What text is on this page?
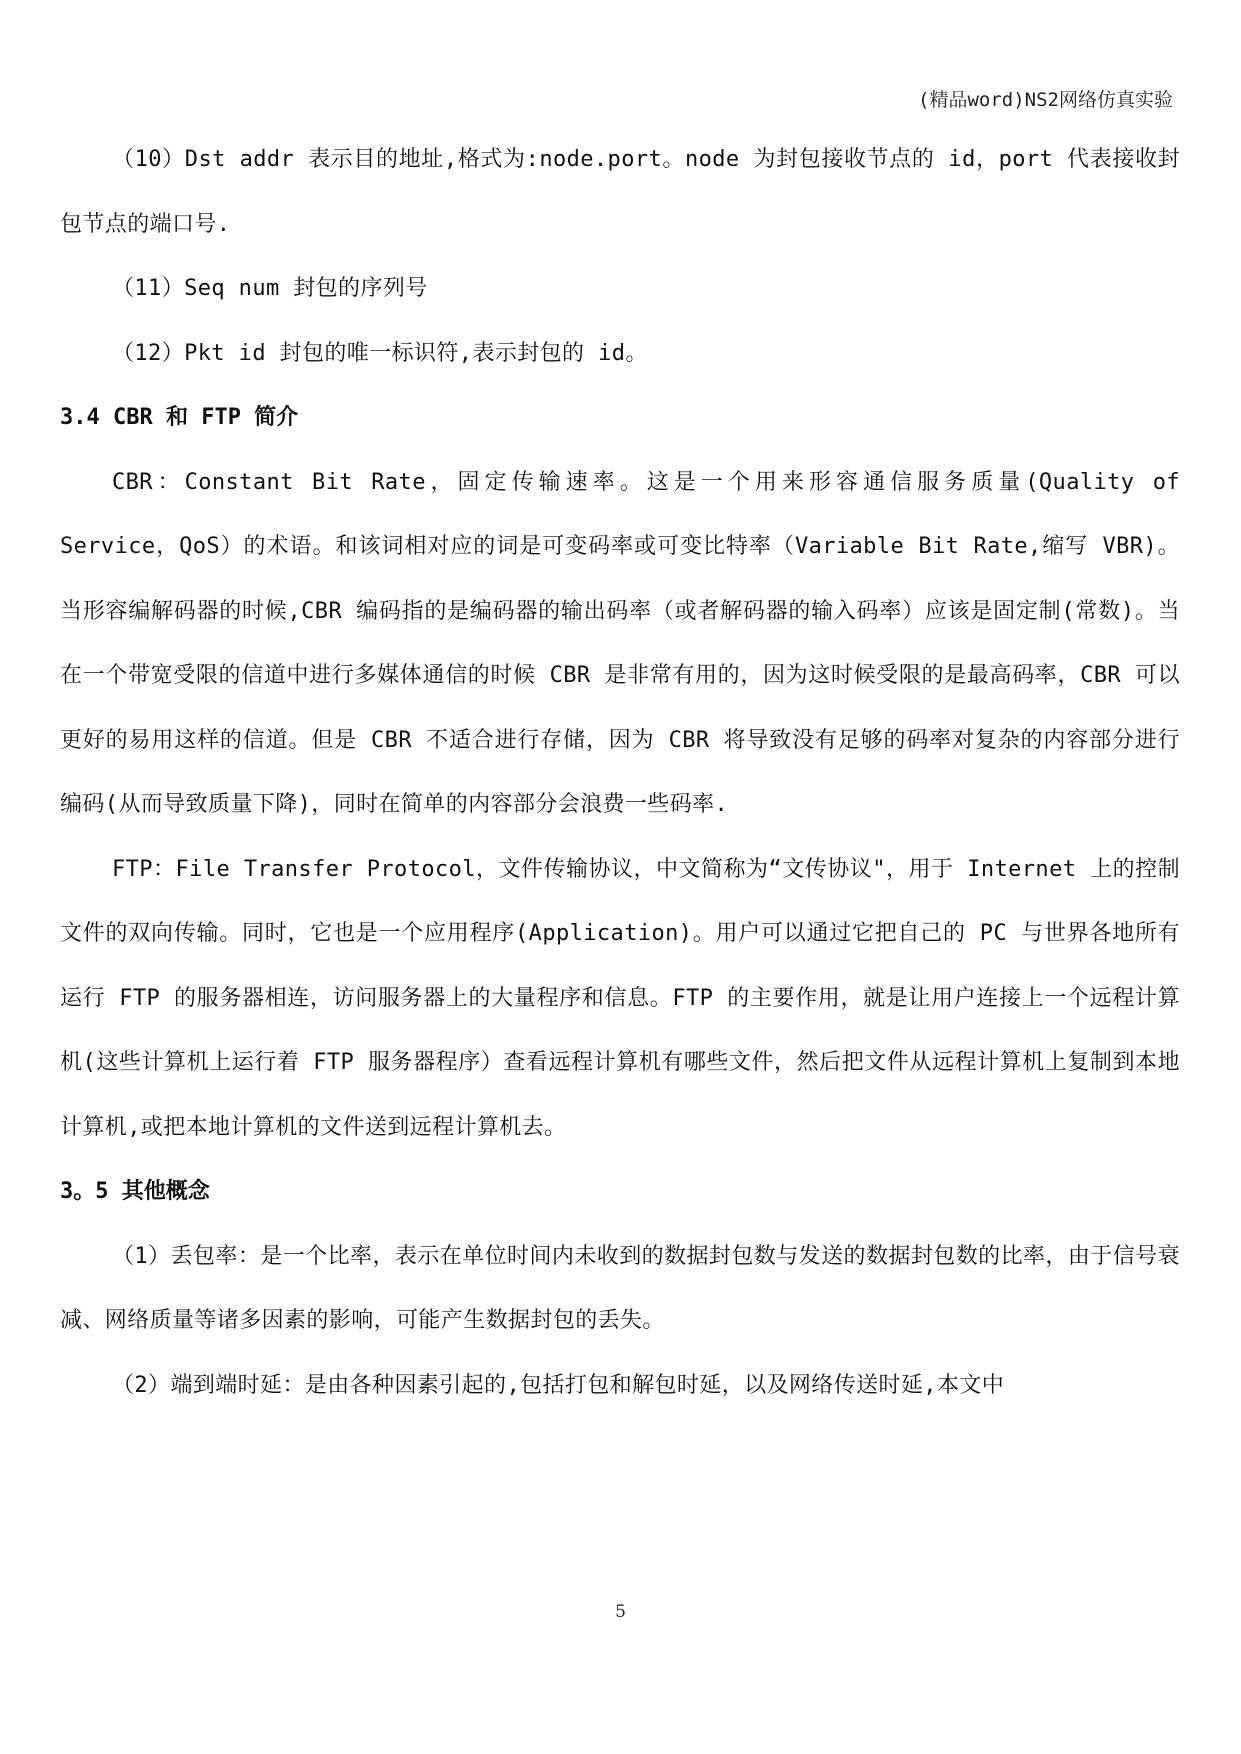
(精品word)NS2网络仿真实验

（10）Dst addr 表示目的地址,格式为:node.port。node 为封包接收节点的 id，port 代表接收封包节点的端口号.

（11）Seq num 封包的序列号

（12）Pkt id 封包的唯一标识符,表示封包的 id。

3.4 CBR 和 FTP 简介

CBR：Constant Bit Rate，固定传输速率。这是一个用来形容通信服务质量(Quality of Service，QoS）的术语。和该词相对应的词是可变码率或可变比特率（Variable Bit Rate,缩写 VBR)。当形容编解码器的时候,CBR 编码指的是编码器的输出码率（或者解码器的输入码率）应该是固定制(常数)。当在一个带宽受限的信道中进行多媒体通信的时候 CBR 是非常有用的，因为这时候受限的是最高码率，CBR 可以更好的易用这样的信道。但是 CBR 不适合进行存储，因为 CBR 将导致没有足够的码率对复杂的内容部分进行编码(从而导致质量下降)，同时在简单的内容部分会浪费一些码率.

FTP：File Transfer Protocol，文件传输协议，中文简称为“文传协议"，用于 Internet 上的控制文件的双向传输。同时，它也是一个应用程序(Application)。用户可以通过它把自己的 PC 与世界各地所有运行 FTP 的服务器相连，访问服务器上的大量程序和信息。FTP 的主要作用，就是让用户连接上一个远程计算机(这些计算机上运行着 FTP 服务器程序）查看远程计算机有哪些文件，然后把文件从远程计算机上复制到本地计算机,或把本地计算机的文件送到远程计算机去。

3。5 其他概念

（1）丢包率：是一个比率，表示在单位时间内未收到的数据封包数与发送的数据封包数的比率，由于信号衰减、网络质量等诸多因素的影响，可能产生数据封包的丢失。

（2）端到端时延：是由各种因素引起的,包括打包和解包时延，以及网络传送时延,本文中

5
